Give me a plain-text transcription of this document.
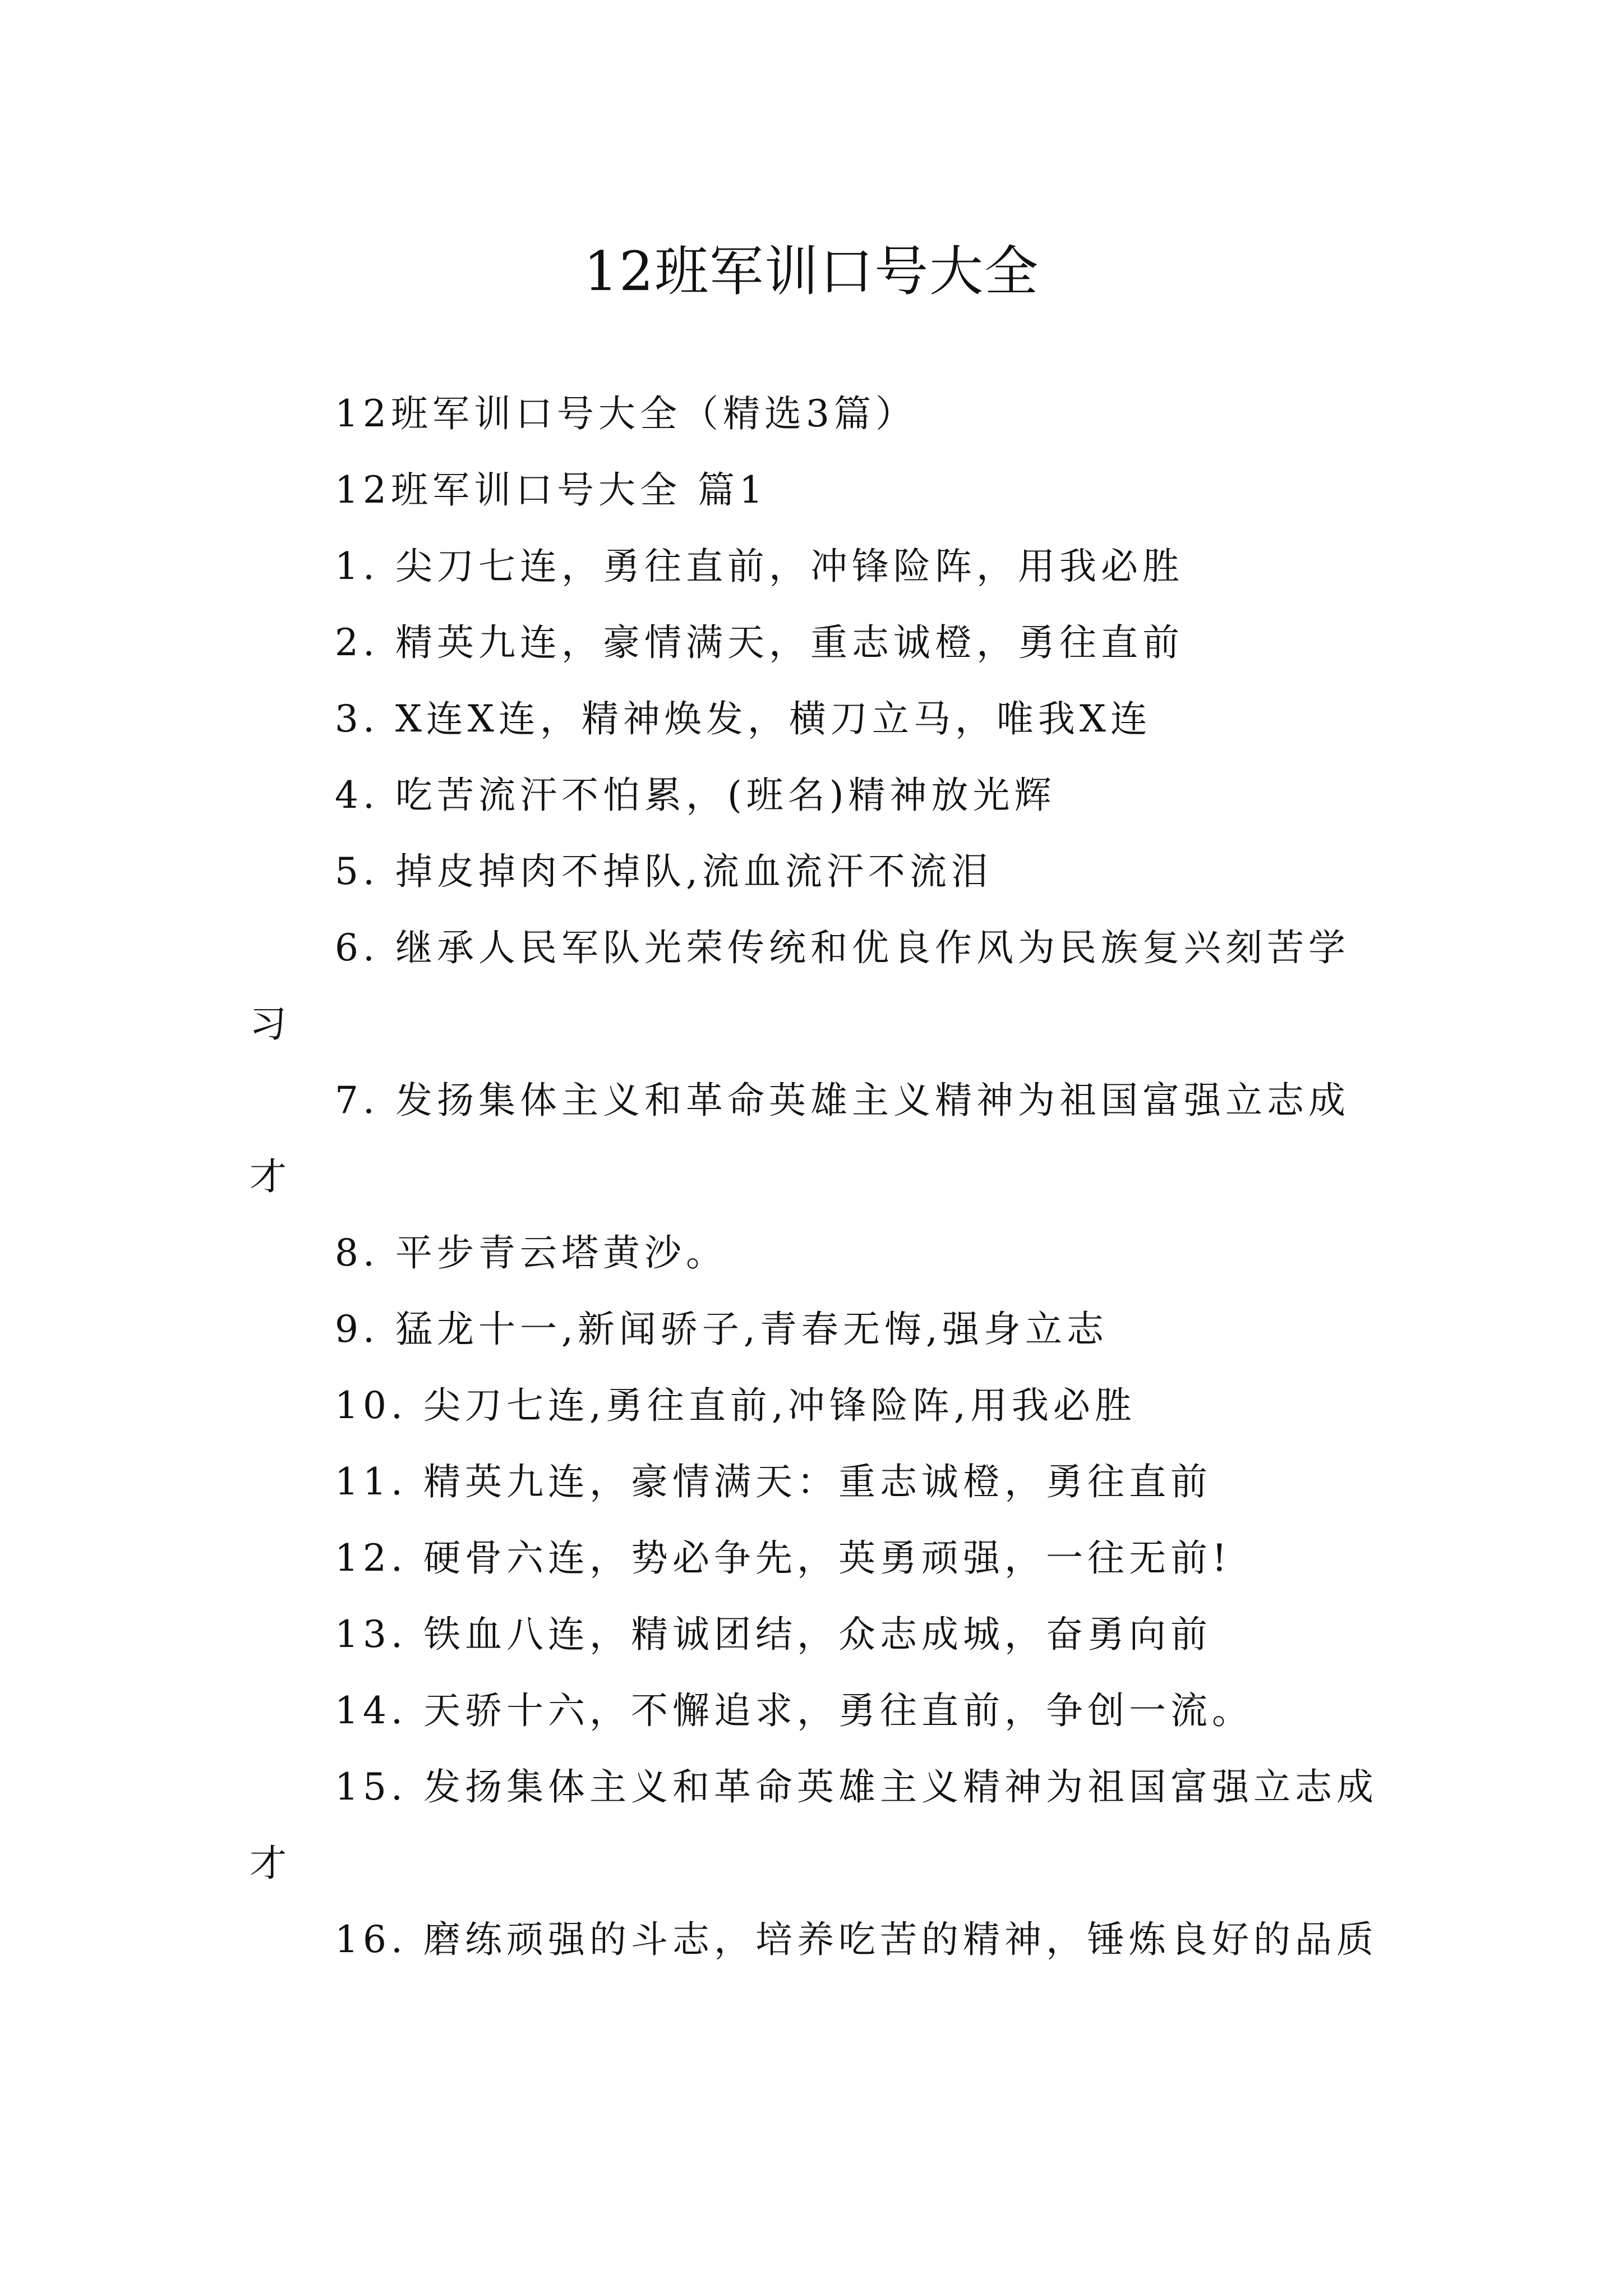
12班军训口号大全

12班军训口号大全（精选3篇）

12班军训口号大全 篇1

1. 尖刀七连，勇往直前，冲锋险阵，用我必胜

2. 精英九连，豪情满天，重志诚橙，勇往直前

3. X连X连，精神焕发，横刀立马，唯我X连

4. 吃苦流汗不怕累，(班名)精神放光辉

5. 掉皮掉肉不掉队,流血流汗不流泪

6. 继承人民军队光荣传统和优良作风为民族复兴刻苦学习

7. 发扬集体主义和革命英雄主义精神为祖国富强立志成才

8. 平步青云塔黄沙。

9. 猛龙十一,新闻骄子,青春无悔,强身立志

10. 尖刀七连,勇往直前,冲锋险阵,用我必胜

11. 精英九连，豪情满天：重志诚橙，勇往直前

12. 硬骨六连，势必争先，英勇顽强，一往无前!

13. 铁血八连，精诚团结，众志成城，奋勇向前

14. 天骄十六，不懈追求，勇往直前，争创一流。

15. 发扬集体主义和革命英雄主义精神为祖国富强立志成才

16. 磨练顽强的斗志，培养吃苦的精神，锤炼良好的品质
